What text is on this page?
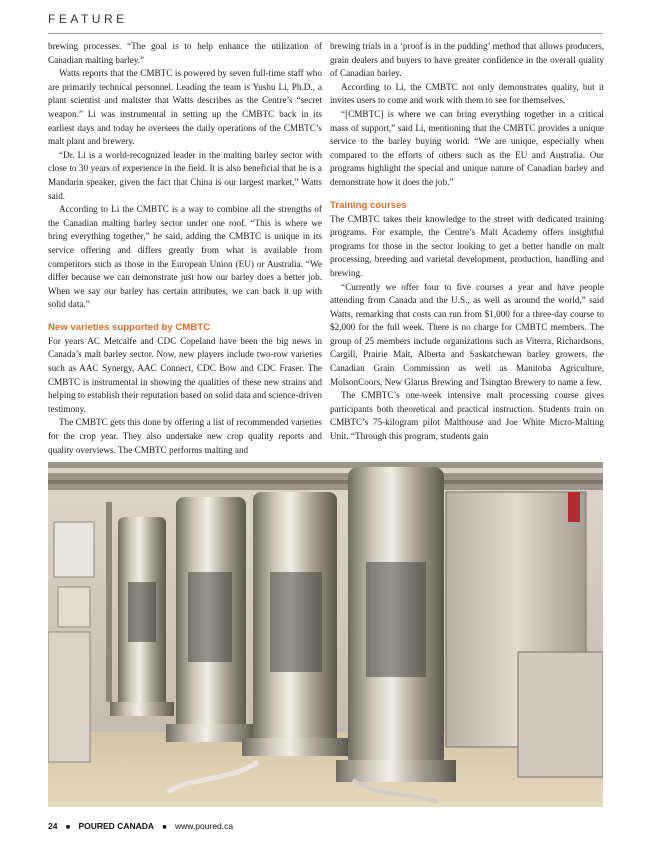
FEATURE

brewing processes. “The goal is to help enhance the utilization of Canadian malting barley.”

Watts reports that the CMBTC is powered by seven full-time staff who are primarily technical personnel. Leading the team is Yushu Li, Ph.D., a plant scientist and maltster that Watts describes as the Centre’s “secret weapon.” Li was instrumental in setting up the CMBTC back in its earliest days and today he oversees the daily operations of the CMBTC’s malt plant and brewery.

“Dr. Li is a world-recognized leader in the malting barley sector with close to 30 years of experience in the field. It is also beneficial that he is a Mandarin speaker, given the fact that China is our largest market,” Watts said.

According to Li the CMBTC is a way to combine all the strengths of the Canadian malting barley sector under one roof. “This is where we bring everything together,” he said, adding the CMBTC is unique in its service offering and differs greatly from what is available from competitors such as those in the European Union (EU) or Australia. “We differ because we can demonstrate just how our barley does a better job. When we say our barley has certain attributes, we can back it up with solid data.”

New varieties supported by CMBTC

For years AC Metcalfe and CDC Copeland have been the big news in Canada’s malt barley sector. Now, new players include two-row varieties such as AAC Synergy, AAC Connect, CDC Bow and CDC Fraser. The CMBTC is instrumental in showing the qualities of these new strains and helping to establish their reputation based on solid data and science-driven testimony.

The CMBTC gets this done by offering a list of recommended varieties for the crop year. They also undertake new crop quality reports and quality overviews. The CMBTC performs malting and

brewing trials in a ‘proof is in the pudding’ method that allows producers, grain dealers and buyers to have greater confidence in the overall quality of Canadian barley.

According to Li, the CMBTC not only demonstrates quality, but it invites users to come and work with them to see for themselves.

“[CMBTC] is where we can bring everything together in a critical mass of support,” said Li, mentioning that the CMBTC provides a unique service to the barley buying world. “We are unique, especially when compared to the efforts of others such as the EU and Australia. Our programs highlight the special and unique nature of Canadian barley and demonstrate how it does the job.”

Training courses

The CMBTC takes their knowledge to the street with dedicated training programs. For example, the Centre’s Malt Academy offers insightful programs for those in the sector looking to get a better handle on malt processing, breeding and varietal development, production, handling and brewing.

“Currently we offer four to five courses a year and have people attending from Canada and the U.S., as well as around the world,” said Watts, remarking that costs can run from $1,000 for a three-day course to $2,000 for the full week. There is no charge for CMBTC members. The group of 25 members include organizations such as Viterra, Richardsons, Cargill, Prairie Malt, Alberta and Saskatchewan barley growers, the Canadian Grain Commission as well as Manitoba Agriculture, MolsonCoors, New Glarus Brewing and Tsingtao Brewery to name a few.

The CMBTC’s one-week intensive malt processing course gives participants both theoretical and practical instruction. Students train on CMBTC’s 75-kilogram pilot Malthouse and Joe White Micro-Malting Unit. “Through this program, students gain

24 ■ POURED CANADA ■ www.poured.ca
